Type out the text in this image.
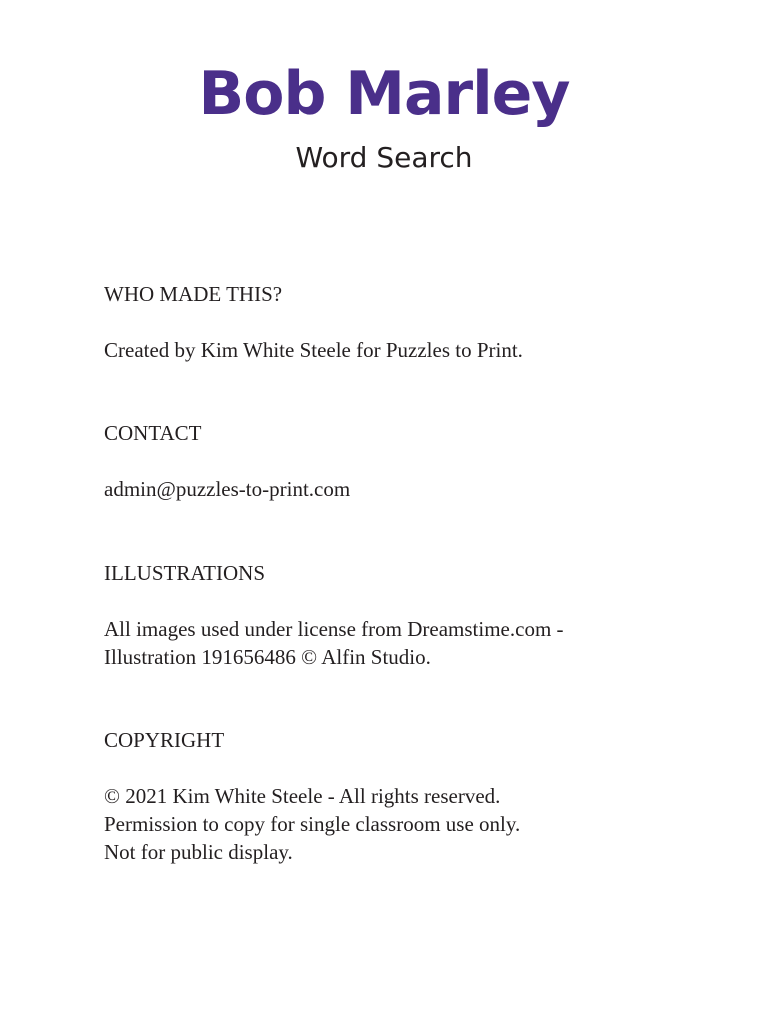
Bob Marley
Word Search

WHO MADE THIS?

Created by Kim White Steele for Puzzles to Print.

CONTACT

admin@puzzles-to-print.com

ILLUSTRATIONS

All images used under license from Dreamstime.com -
Illustration 191656486 © Alfin Studio.

COPYRIGHT

© 2021 Kim White Steele - All rights reserved.
Permission to copy for single classroom use only.
Not for public display.
